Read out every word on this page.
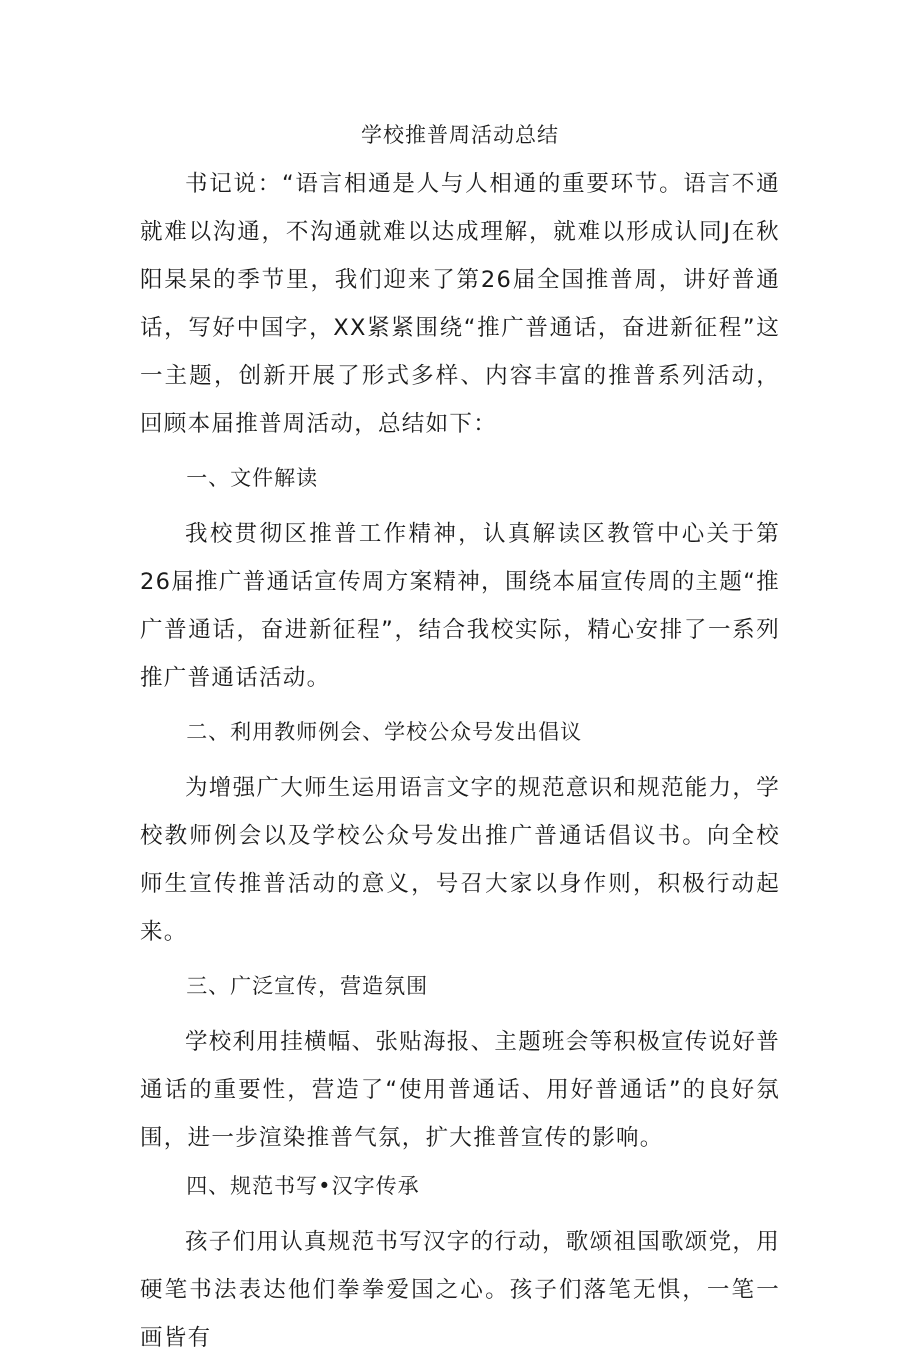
学校推普周活动总结

书记说：“语言相通是人与人相通的重要环节。语言不通就难以沟通，不沟通就难以达成理解，就难以形成认同J在秋阳杲杲的季节里，我们迎来了第26届全国推普周，讲好普通话，写好中国字，XX紧紧围绕“推广普通话，奋进新征程”这一主题，创新开展了形式多样、内容丰富的推普系列活动，回顾本届推普周活动，总结如下：

一、文件解读

我校贯彻区推普工作精神，认真解读区教管中心关于第26届推广普通话宣传周方案精神，围绕本届宣传周的主题“推广普通话，奋进新征程”，结合我校实际，精心安排了一系列推广普通话活动。

二、利用教师例会、学校公众号发出倡议

为增强广大师生运用语言文字的规范意识和规范能力，学校教师例会以及学校公众号发出推广普通话倡议书。向全校师生宣传推普活动的意义，号召大家以身作则，积极行动起来。

三、广泛宣传，营造氛围

学校利用挂横幅、张贴海报、主题班会等积极宣传说好普通话的重要性，营造了“使用普通话、用好普通话”的良好氛围，进一步渲染推普气氛，扩大推普宣传的影响。

四、规范书写•汉字传承

孩子们用认真规范书写汉字的行动，歌颂祖国歌颂党，用硬笔书法表达他们拳拳爱国之心。孩子们落笔无惧，一笔一画皆有
